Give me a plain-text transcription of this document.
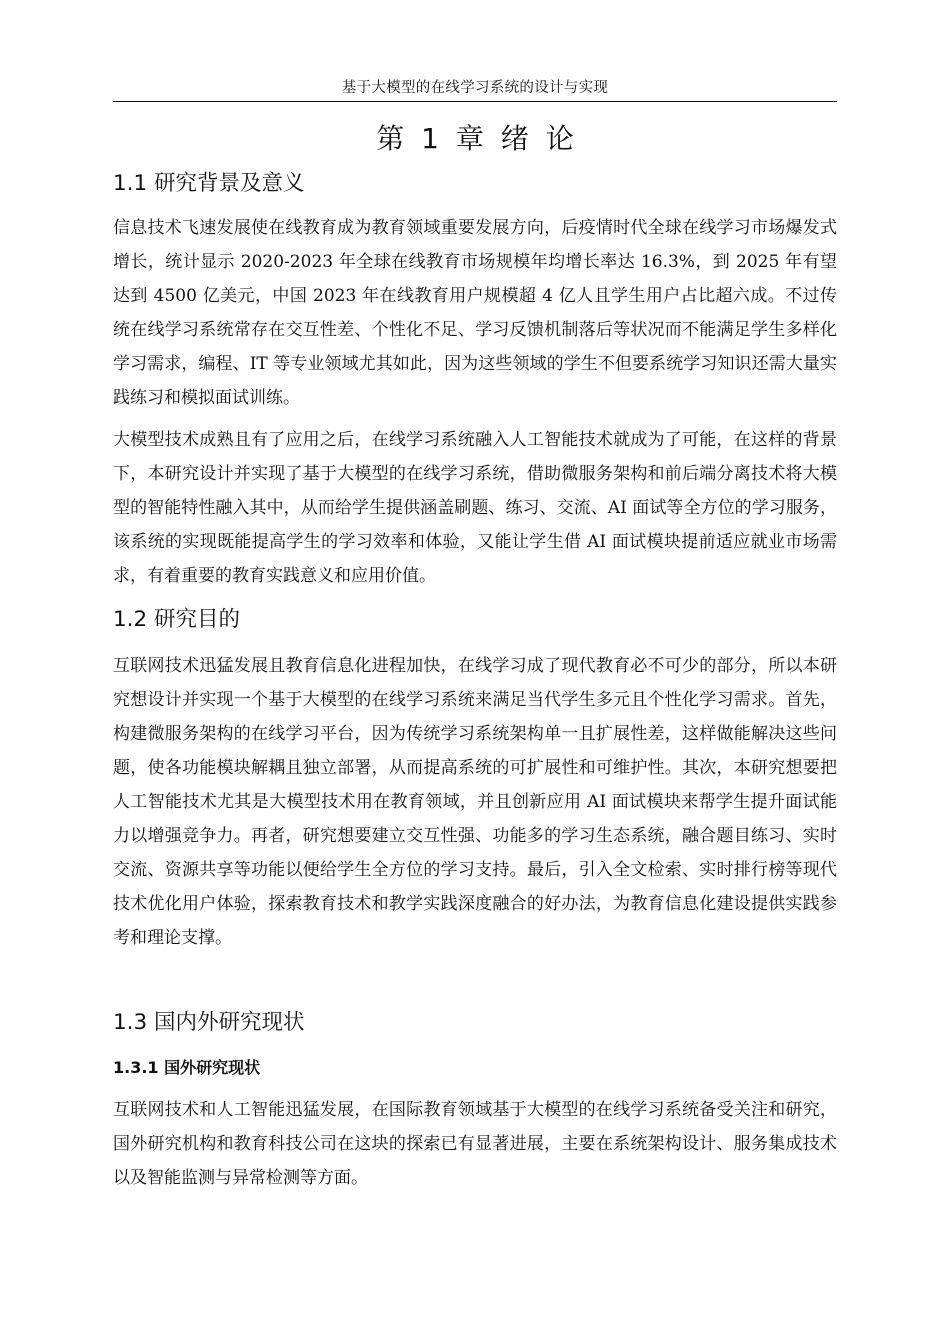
基于大模型的在线学习系统的设计与实现
第 1 章 绪 论
1.1 研究背景及意义

信息技术飞速发展使在线教育成为教育领域重要发展方向，后疫情时代全球在线学习市场爆发式增长，统计显示 2020-2023 年全球在线教育市场规模年均增长率达 16.3%，到 2025 年有望达到 4500 亿美元，中国 2023 年在线教育用户规模超 4 亿人且学生用户占比超六成。不过传统在线学习系统常存在交互性差、个性化不足、学习反馈机制落后等状况而不能满足学生多样化学习需求，编程、IT 等专业领域尤其如此，因为这些领域的学生不但要系统学习知识还需大量实践练习和模拟面试训练。

大模型技术成熟且有了应用之后，在线学习系统融入人工智能技术就成为了可能，在这样的背景下，本研究设计并实现了基于大模型的在线学习系统，借助微服务架构和前后端分离技术将大模型的智能特性融入其中，从而给学生提供涵盖刷题、练习、交流、AI 面试等全方位的学习服务，该系统的实现既能提高学生的学习效率和体验，又能让学生借 AI 面试模块提前适应就业市场需求，有着重要的教育实践意义和应用价值。

1.2 研究目的

互联网技术迅猛发展且教育信息化进程加快，在线学习成了现代教育必不可少的部分，所以本研究想设计并实现一个基于大模型的在线学习系统来满足当代学生多元且个性化学习需求。首先，构建微服务架构的在线学习平台，因为传统学习系统架构单一且扩展性差，这样做能解决这些问题，使各功能模块解耦且独立部署，从而提高系统的可扩展性和可维护性。其次，本研究想要把人工智能技术尤其是大模型技术用在教育领域，并且创新应用 AI 面试模块来帮学生提升面试能力以增强竞争力。再者，研究想要建立交互性强、功能多的学习生态系统，融合题目练习、实时交流、资源共享等功能以便给学生全方位的学习支持。最后，引入全文检索、实时排行榜等现代技术优化用户体验，探索教育技术和教学实践深度融合的好办法，为教育信息化建设提供实践参考和理论支撑。

1.3 国内外研究现状
1.3.1 国外研究现状

互联网技术和人工智能迅猛发展，在国际教育领域基于大模型的在线学习系统备受关注和研究，国外研究机构和教育科技公司在这块的探索已有显著进展，主要在系统架构设计、服务集成技术以及智能监测与异常检测等方面。
